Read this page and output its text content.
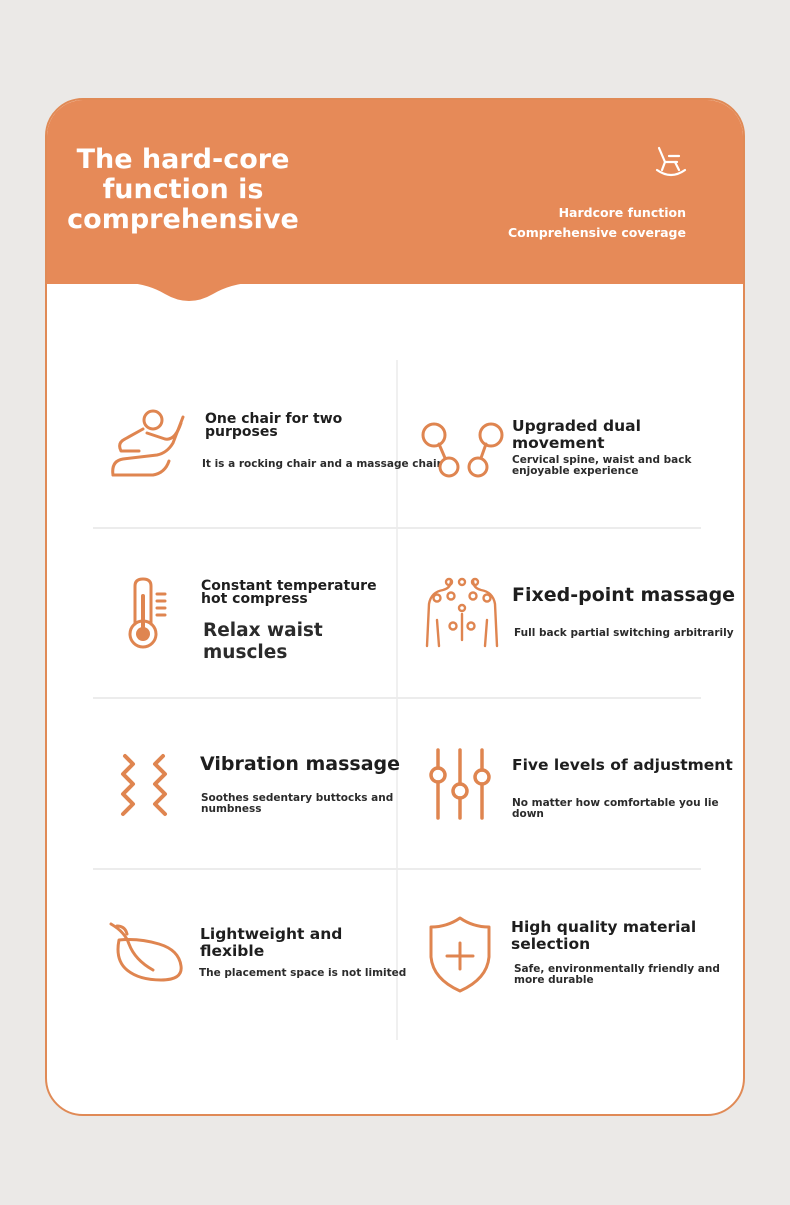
The hard-core
function is
comprehensive	Hardcore function
Comprehensive coverage
One chair for two purposes
It is a rocking chair and a massage chair
Upgraded dual movement
Cervical spine, waist and back enjoyable experience
Constant temperature hot compress
Relax waist muscles
Fixed-point massage
Full back partial switching arbitrarily
Vibration massage
Soothes sedentary buttocks and numbness
Five levels of adjustment
No matter how comfortable you lie down
Lightweight and flexible
The placement space is not limited
High quality material selection
Safe, environmentally friendly and more durable
